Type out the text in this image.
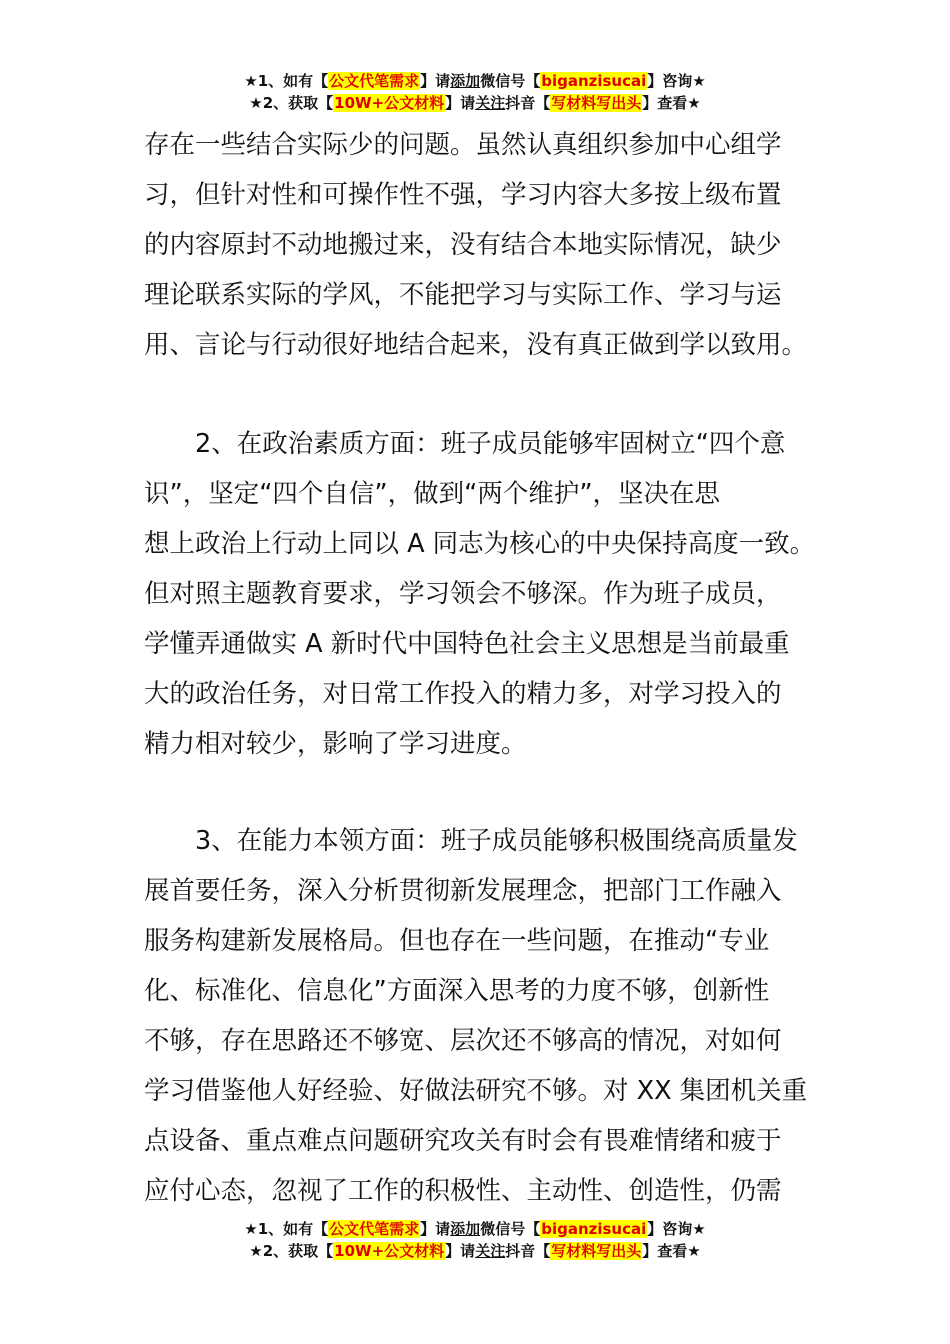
★1、如有【公文代笔需求】请添加微信号【biganzisucai】咨询★
★2、获取【10W+公文材料】请关注抖音【写材料写出头】查看★
存在一些结合实际少的问题。虽然认真组织参加中心组学
习，但针对性和可操作性不强，学习内容大多按上级布置
的内容原封不动地搬过来，没有结合本地实际情况，缺少
理论联系实际的学风，不能把学习与实际工作、学习与运
用、言论与行动很好地结合起来，没有真正做到学以致用。
　　2、在政治素质方面：班子成员能够牢固树立“四个意
识”，坚定“四个自信”，做到“两个维护”，坚决在思
想上政治上行动上同以 A 同志为核心的中央保持高度一致。
但对照主题教育要求，学习领会不够深。作为班子成员，
学懂弄通做实 A 新时代中国特色社会主义思想是当前最重
大的政治任务，对日常工作投入的精力多，对学习投入的
精力相对较少，影响了学习进度。
　　3、在能力本领方面：班子成员能够积极围绕高质量发
展首要任务，深入分析贯彻新发展理念，把部门工作融入
服务构建新发展格局。但也存在一些问题，在推动“专业
化、标准化、信息化”方面深入思考的力度不够，创新性
不够，存在思路还不够宽、层次还不够高的情况，对如何
学习借鉴他人好经验、好做法研究不够。对 XX 集团机关重
点设备、重点难点问题研究攻关有时会有畏难情绪和疲于
应付心态，忽视了工作的积极性、主动性、创造性，仍需
★1、如有【公文代笔需求】请添加微信号【biganzisucai】咨询★
★2、获取【10W+公文材料】请关注抖音【写材料写出头】查看★
